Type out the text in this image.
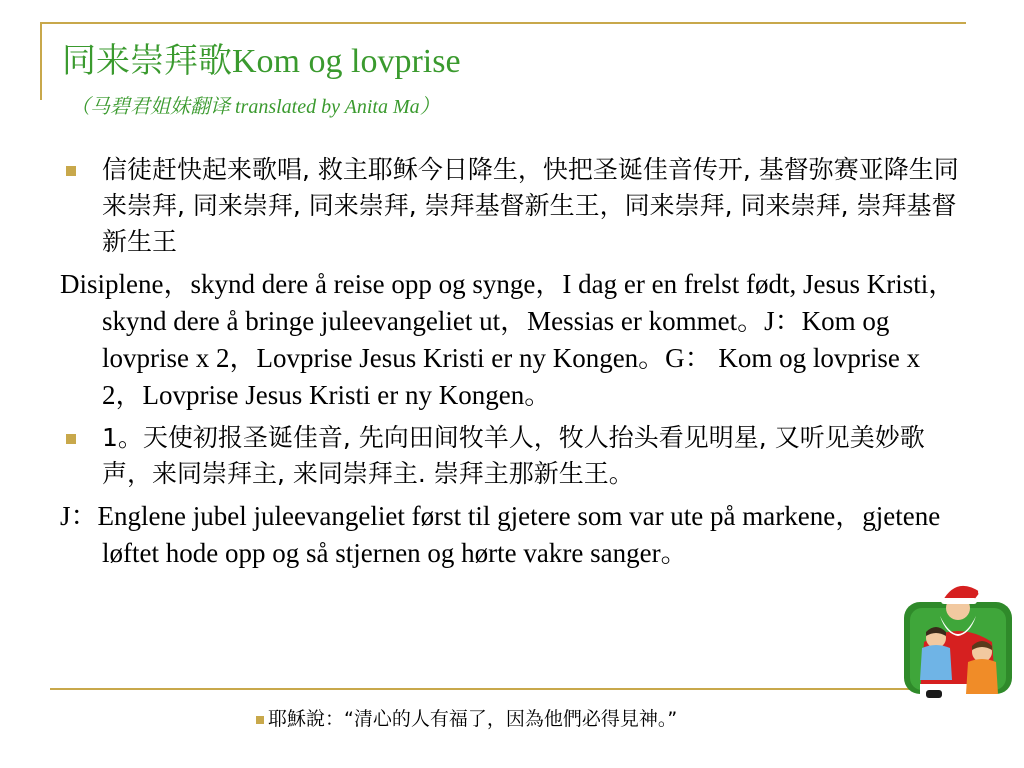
同来崇拜歌Kom og lovprise
（马碧君姐妹翻译 translated by Anita Ma）
信徒赶快起来歌唱, 救主耶稣今日降生，快把圣诞佳音传开, 基督弥赛亚降生同来崇拜, 同来崇拜, 同来崇拜, 崇拜基督新生王，同来崇拜, 同来崇拜, 崇拜基督新生王
Disiplene，skynd dere å reise opp og synge，I dag er en frelst født, Jesus Kristi，skynd dere å bringe juleevangeliet ut，Messias er kommet。J：Kom og lovprise x 2，Lovprise Jesus Kristi er ny Kongen。G： Kom og lovprise x 2，Lovprise Jesus Kristi er ny Kongen。
1。天使初报圣诞佳音, 先向田间牧羊人，牧人抬头看见明星, 又听见美妙歌声，来同崇拜主, 来同崇拜主. 崇拜主那新生王。
J：Englene jubel juleevangeliet først til gjetere som var ute på markene，gjetene løftet hode opp og så stjernen og hørte vakre sanger。
耶穌說：“清心的人有福了，因為他們必得見神。”
